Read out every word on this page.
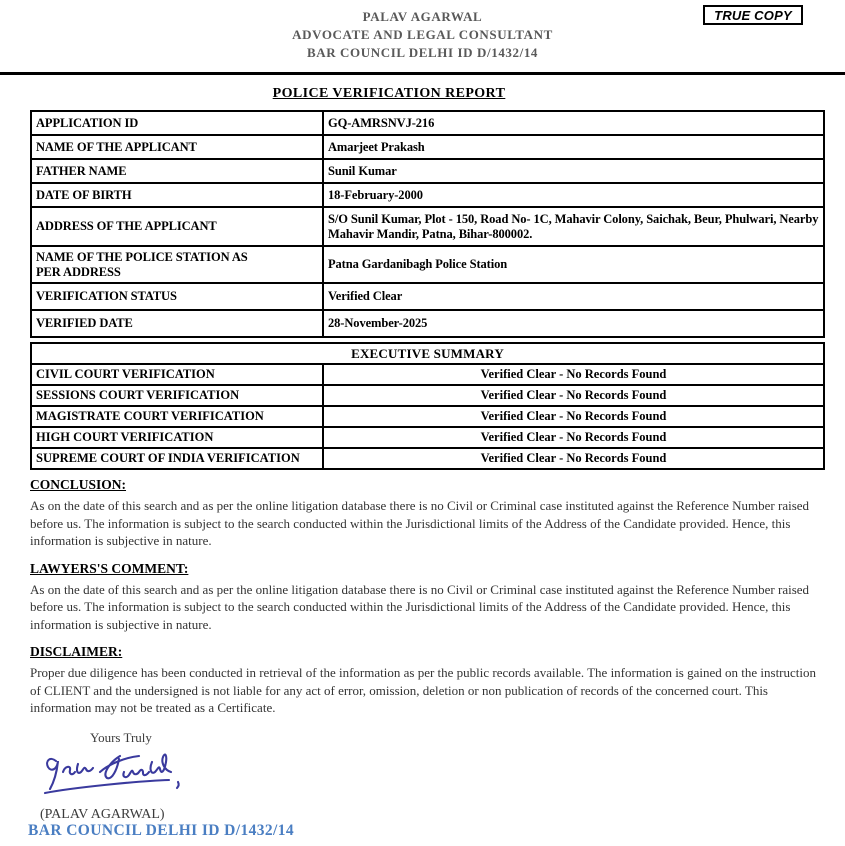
PALAV AGARWAL
ADVOCATE AND LEGAL CONSULTANT
BAR COUNCIL DELHI ID D/1432/14
TRUE COPY
POLICE VERIFICATION REPORT
APPLICATION ID	GQ-AMRSNVJ-216
NAME OF THE APPLICANT	Amarjeet Prakash
FATHER NAME	Sunil Kumar
DATE OF BIRTH	18-February-2000
ADDRESS OF THE APPLICANT	S/O Sunil Kumar, Plot - 150, Road No- 1C, Mahavir Colony, Saichak, Beur, Phulwari, Nearby Mahavir Mandir, Patna, Bihar-800002.
NAME OF THE POLICE STATION AS PER ADDRESS	Patna Gardanibagh Police Station
VERIFICATION STATUS	Verified Clear
VERIFIED DATE	28-November-2025
EXECUTIVE SUMMARY	
CIVIL COURT VERIFICATION	Verified Clear - No Records Found
SESSIONS COURT VERIFICATION	Verified Clear - No Records Found
MAGISTRATE COURT VERIFICATION	Verified Clear - No Records Found
HIGH COURT VERIFICATION	Verified Clear - No Records Found
SUPREME COURT OF INDIA VERIFICATION	Verified Clear - No Records Found
CONCLUSION:

As on the date of this search and as per the online litigation database there is no Civil or Criminal case instituted against the Reference Number raised before us. The information is subject to the search conducted within the Jurisdictional limits of the Address of the Candidate provided. Hence, this information is subjective in nature.

LAWYERS'S COMMENT:

As on the date of this search and as per the online litigation database there is no Civil or Criminal case instituted against the Reference Number raised before us. The information is subject to the search conducted within the Jurisdictional limits of the Address of the Candidate provided. Hence, this information is subjective in nature.

DISCLAIMER:

Proper due diligence has been conducted in retrieval of the information as per the public records available. The information is gained on the instruction of CLIENT and the undersigned is not liable for any act of error, omission, deletion or non publication of records of the concerned court. This information may not be treated as a Certificate.

Yours Truly
(PALAV AGARWAL)
BAR COUNCIL DELHI ID D/1432/14
